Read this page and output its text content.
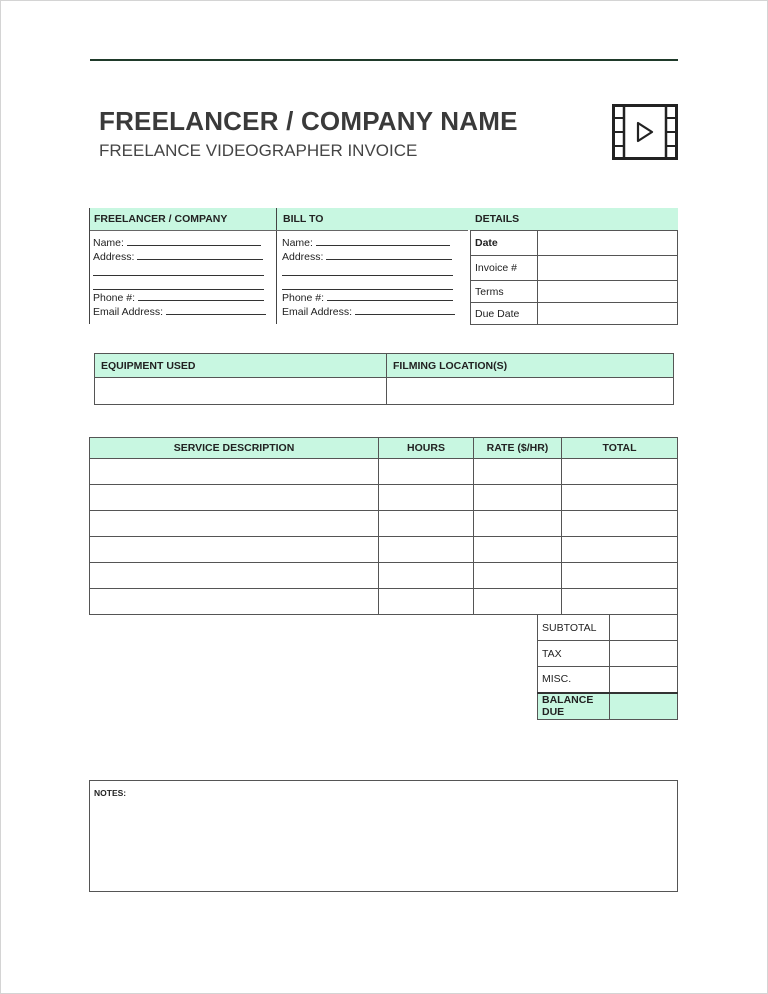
FREELANCER / COMPANY NAME
FREELANCE VIDEOGRAPHER INVOICE
FREELANCER / COMPANY	BILL TO	DETAILS
Name:
Address:
Phone #:
Email Address:
Name:
Address:
Phone #:
Email Address:
Date	
Invoice #	
Terms	
Due Date	
EQUIPMENT USED	FILMING LOCATION(S)

SERVICE DESCRIPTION	HOURS	RATE ($/HR)	TOTAL

SUBTOTAL	
TAX	
MISC.	
BALANCE DUE	
NOTES:
